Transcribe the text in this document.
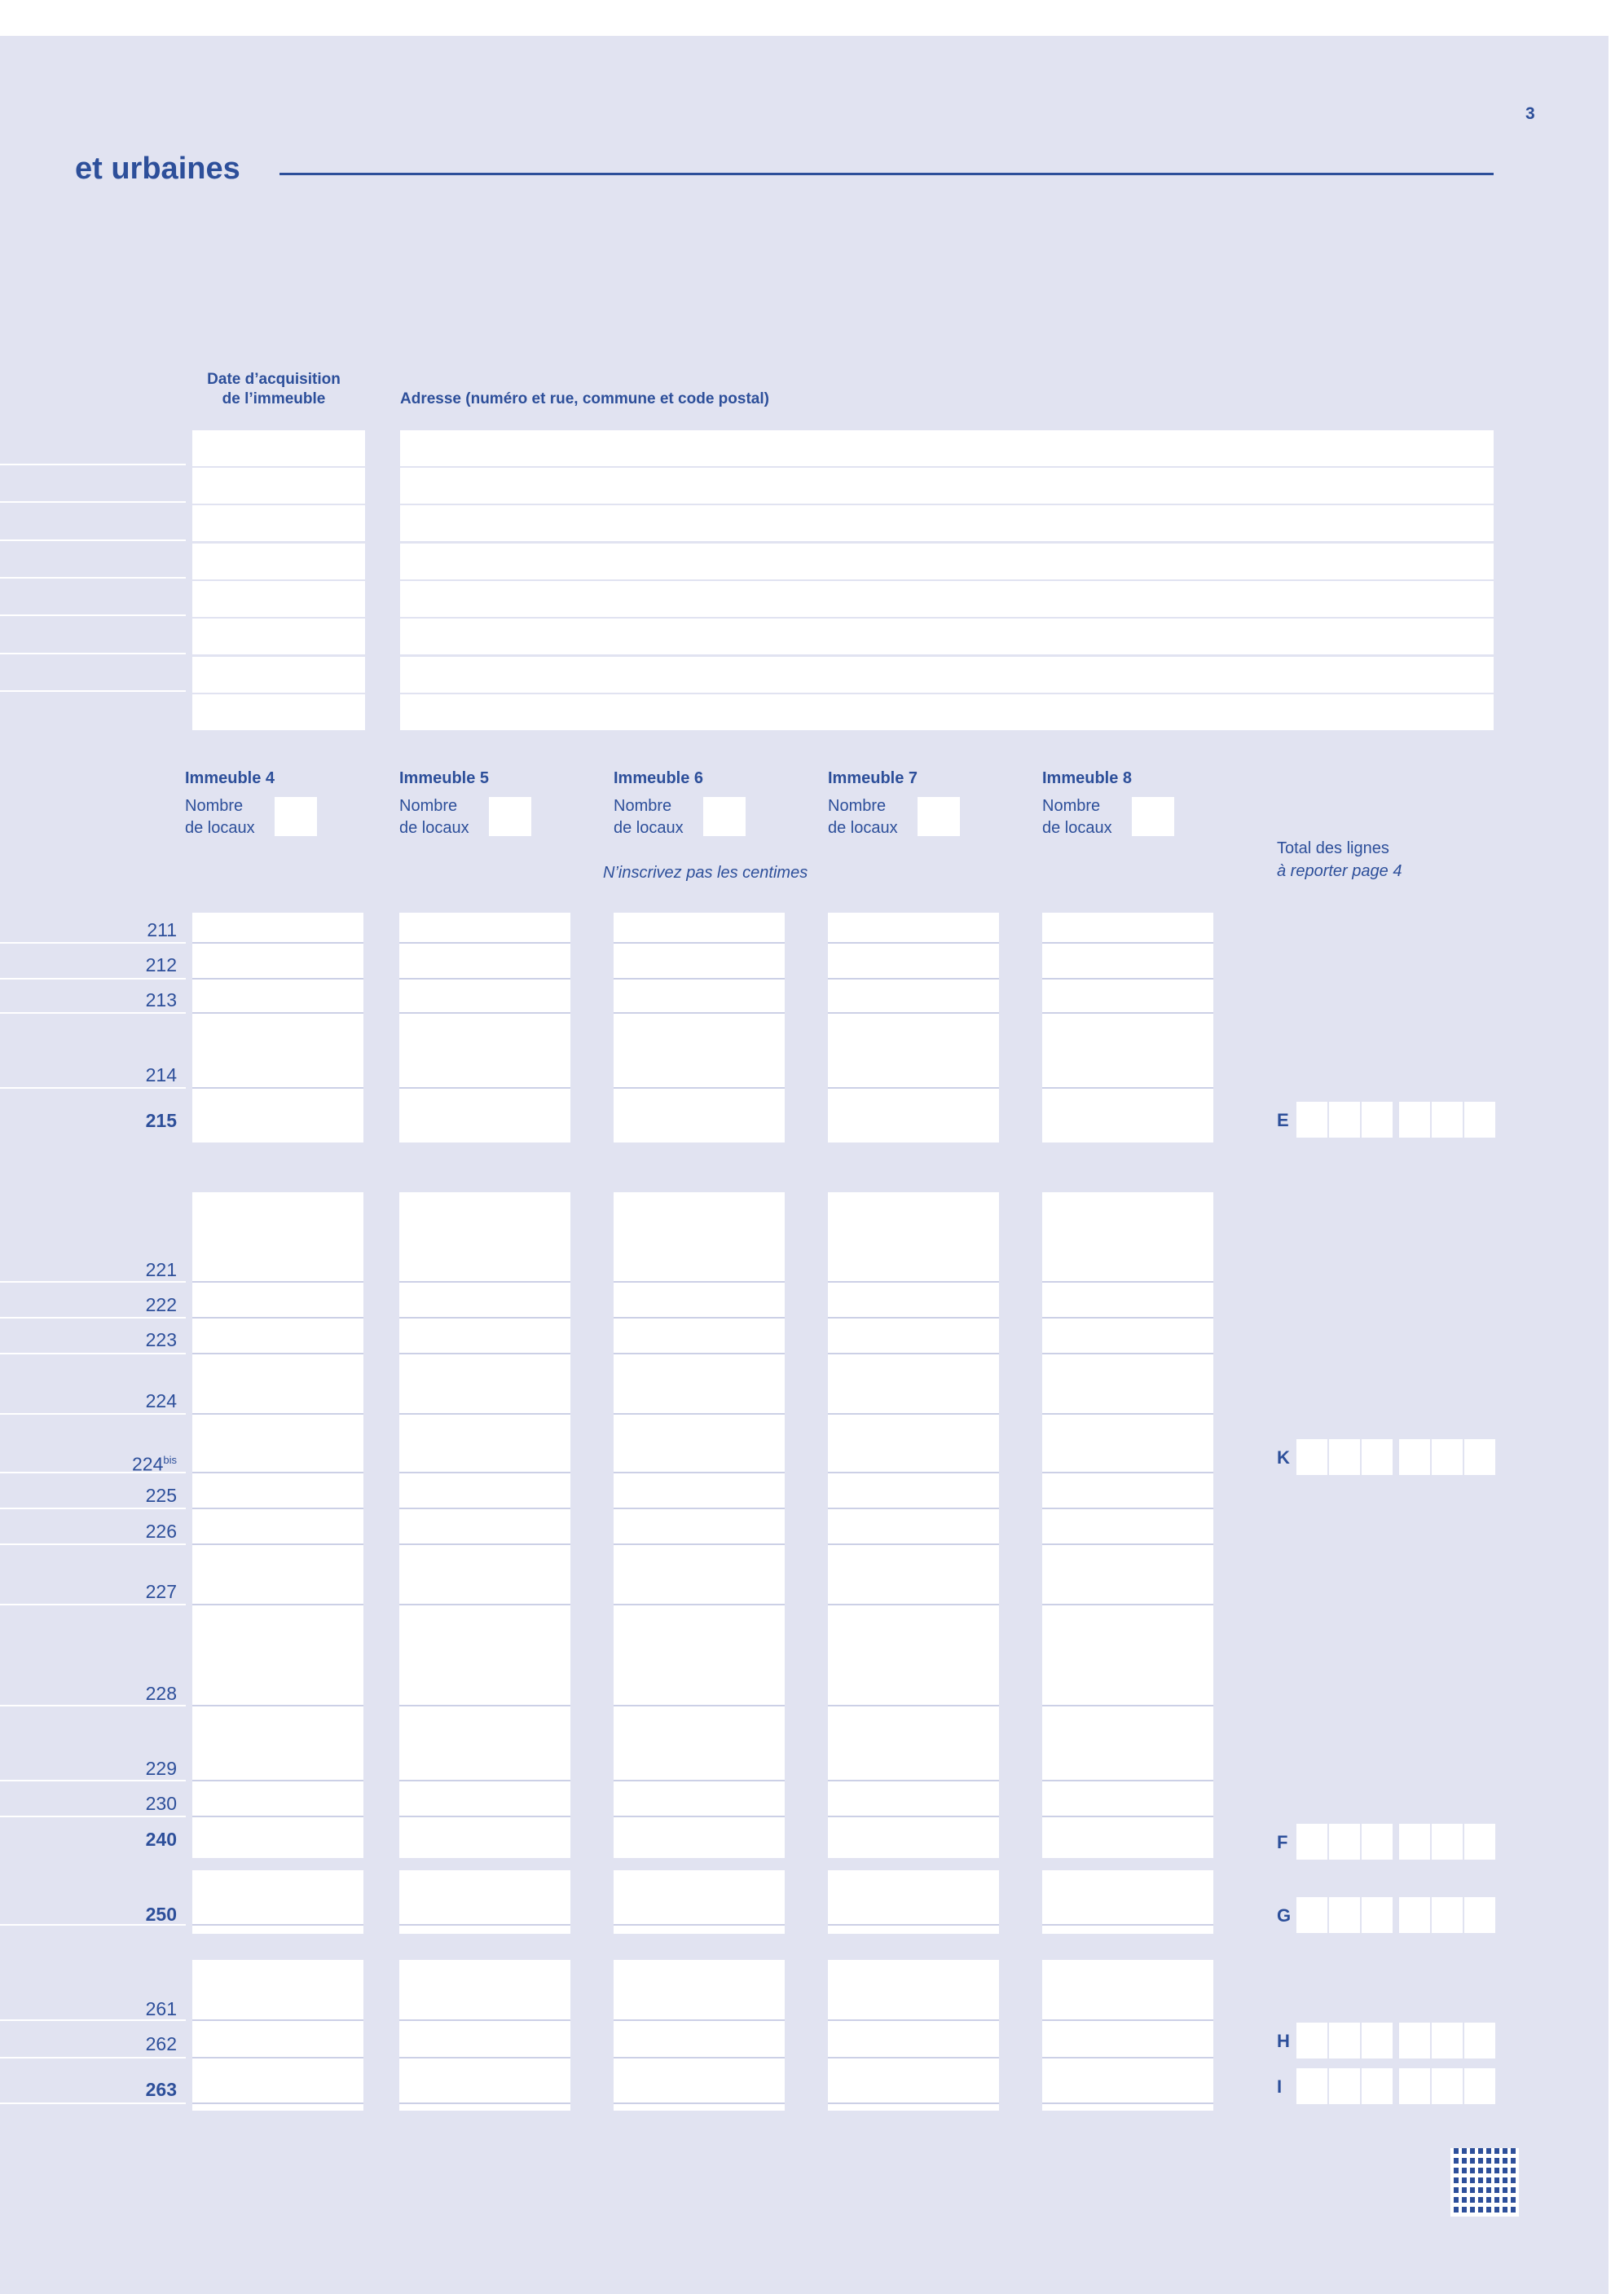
3
et urbaines
Date d’acquisition
de l’immeuble	Adresse (numéro et rue, commune et code postal)
Immeuble 4
Nombre
de locaux
Immeuble 5
Nombre
de locaux
Immeuble 6
Nombre
de locaux
Immeuble 7
Nombre
de locaux
Immeuble 8
Nombre
de locaux
N’inscrivez pas les centimes
Total des lignes
à reporter page 4
211
212
213
214
215
221
222
223
224
$224^{bis}$
225
226
227
228
229
230
240
250
261
262
263
E
K
F
G
H
I
